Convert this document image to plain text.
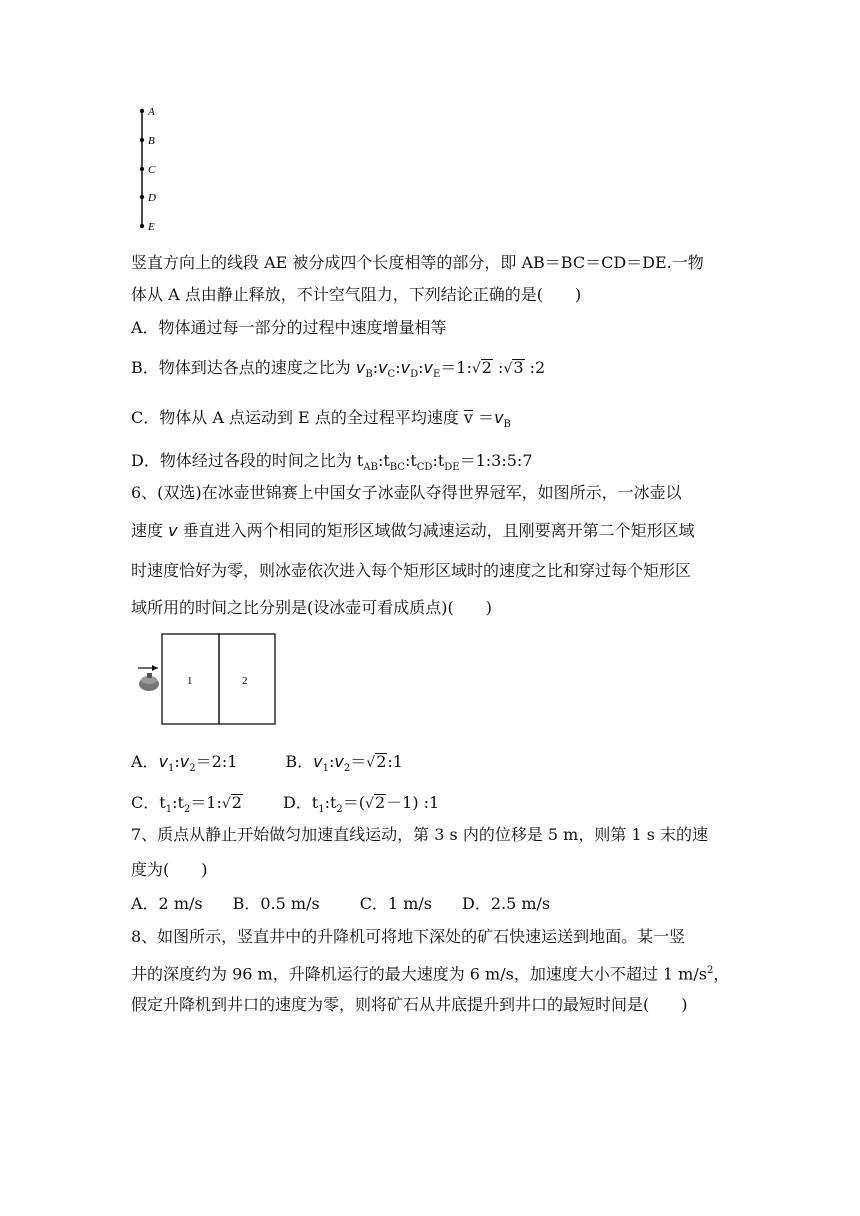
A
B
C
D
E
竖直方向上的线段 AE 被分成四个长度相等的部分，即 AB＝BC＝CD＝DE.一物
体从 A 点由静止释放，不计空气阻力，下列结论正确的是(　　)
A．物体通过每一部分的过程中速度增量相等
B．物体到达各点的速度之比为 $v_B:v_C:v_D:v_E=1:√2$ :√3 :2
C．物体从 A 点运动到 E 点的全过程平均速度 $v =v_B$
D．物体经过各段的时间之比为 $t_{AB}:t_{BC}:t_{CD}:t_{DE}=1:3:5:7$
6、(双选)在冰壶世锦赛上中国女子冰壶队夺得世界冠军，如图所示，一冰壶以
速度 v 垂直进入两个相同的矩形区域做匀减速运动，且刚要离开第二个矩形区域
时速度恰好为零，则冰壶依次进入每个矩形区域时的速度之比和穿过每个矩形区
域所用的时间之比分别是(设冰壶可看成质点)(　　)
1	2
A．$v_1:v_2=2:1$	B．$v_1:v_2=√2:1$
C．$t_1:t_2=1:√2$	D．$t_1:t_2=(√2-1)$ :1
7、质点从静止开始做匀加速直线运动，第 3 s 内的位移是 5 m，则第 1 s 末的速
度为(　　)
A．2 m/s B．0.5 m/s	C．1 m/s D．2.5 m/s
8、如图所示，竖直井中的升降机可将地下深处的矿石快速运送到地面。某一竖
井的深度约为 96 m，升降机运行的最大速度为 6 m/s，加速度大小不超过 1 $m/s^2$，
假定升降机到井口的速度为零，则将矿石从井底提升到井口的最短时间是(　　)
